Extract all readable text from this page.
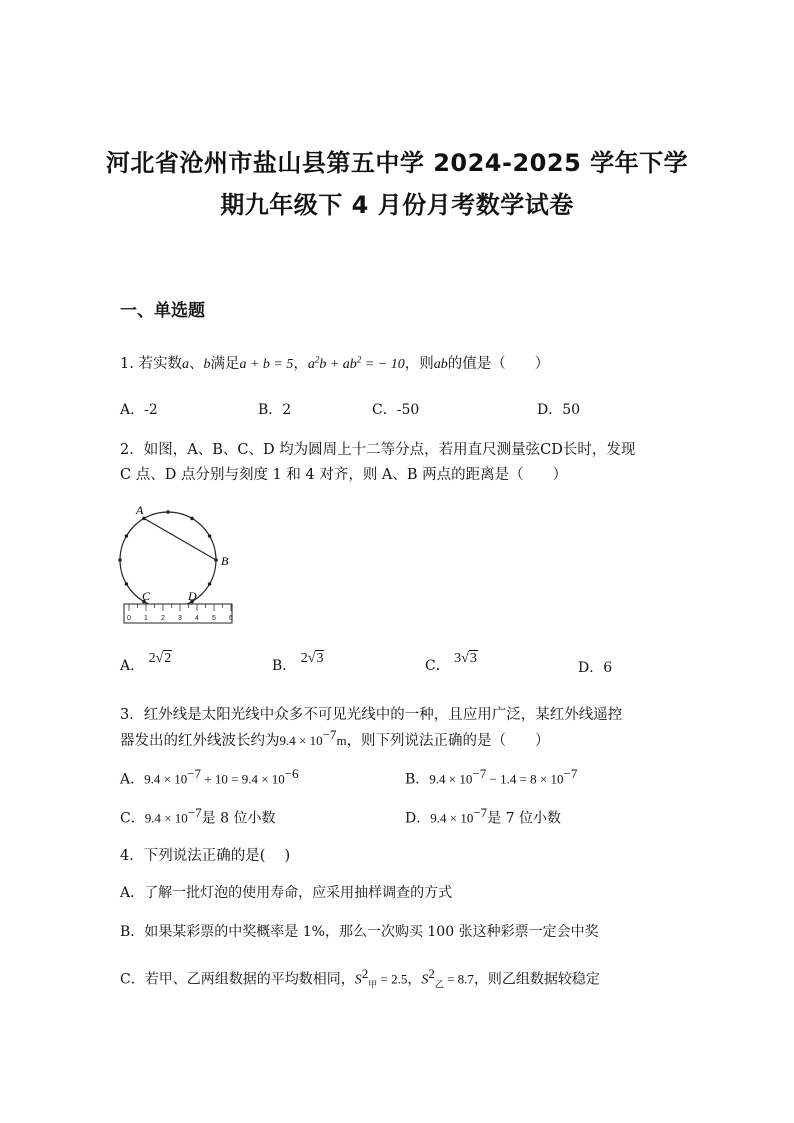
河北省沧州市盐山县第五中学 2024-2025 学年下学
期九年级下 4 月份月考数学试卷
一、单选题
1. 若实数a、b满足a + b = 5，$a^2b + ab^2$ = − 10，则ab的值是（　　）
A．-2	B．2	C．-50	D．50
2．如图，A、B、C、D 均为圆周上十二等分点，若用直尺测量弦CD长时，发现
C 点、D 点分别与刻度 1 和 4 对齐，则 A、B 两点的距离是（　　）
A
B
C	D
0 1 2 3 4 5 6
A． 2√2	B． 2√3	C． 3√3
D．6
3．红外线是太阳光线中众多不可见光线中的一种，且应用广泛，某红外线遥控
器发出的红外线波长约为$9.4 \times 10^{-7}m$，则下列说法正确的是（　　）
A．$9.4 \times 10^{-7} + 10 = 9.4 \times 10^{-6}$	B．$9.4 \times 10^{-7} - 1.4 = 8 \times 10^{-7}$
C．$9.4 \times 10^{-7}$是 8 位小数	D．$9.4 \times 10^{-7}$是 7 位小数
4．下列说法正确的是(　 )
A．了解一批灯泡的使用寿命，应采用抽样调查的方式
B．如果某彩票的中奖概率是 1%，那么一次购买 100 张这种彩票一定会中奖
C．若甲、乙两组数据的平均数相同，$S^2_甲 = 2.5$，$S^2_乙 = 8.7$，则乙组数据较稳定
